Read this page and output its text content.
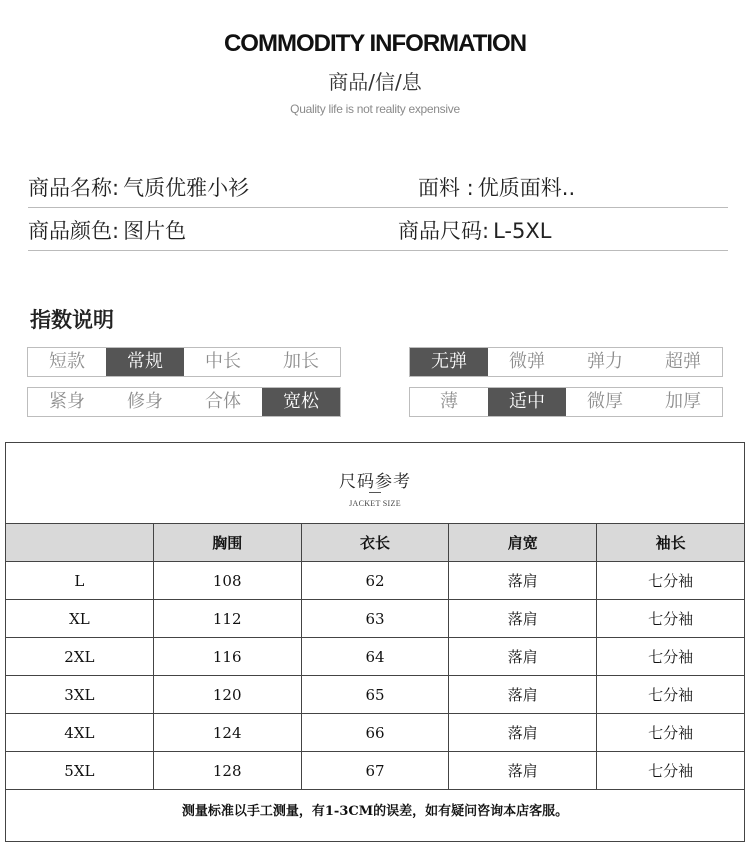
COMMODITY INFORMATION
商品/信/息
Quality life is not reality expensive
商品名称: 气质优雅小衫	面料 : 优质面料..
商品颜色: 图片色	商品尺码: L-5XL
指数说明
短款	常规	中长	加长
紧身	修身	合体	宽松
无弹	微弹	弹力	超弹
薄	适中	微厚	加厚
尺码参考
JACKET SIZE
	胸围	衣长	肩宽	袖长
L	108	62	落肩	七分袖
XL	112	63	落肩	七分袖
2XL	116	64	落肩	七分袖
3XL	120	65	落肩	七分袖
4XL	124	66	落肩	七分袖
5XL	128	67	落肩	七分袖
测量标准以手工测量，有1-3CM的误差，如有疑问咨询本店客服。
